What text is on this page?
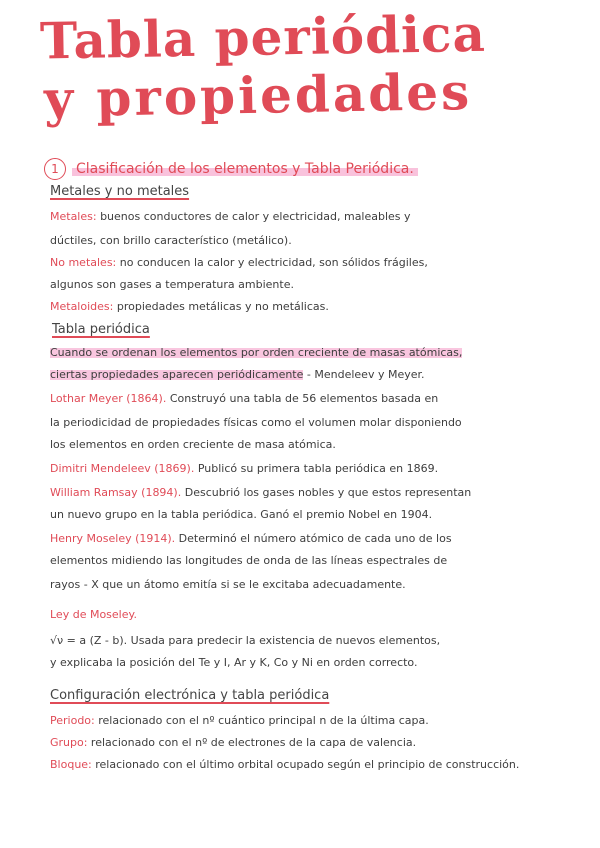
Tabla periódica
y propiedades
1	Clasificación de los elementos y Tabla Periódica.
Metales y no metales
Metales: buenos conductores de calor y electricidad, maleables y
dúctiles, con brillo característico (metálico).
No metales: no conducen la calor y electricidad, son sólidos frágiles,
algunos son gases a temperatura ambiente.
Metaloides: propiedades metálicas y no metálicas.
Tabla periódica
Cuando se ordenan los elementos por orden creciente de masas atómicas,
ciertas propiedades aparecen periódicamente - Mendeleev y Meyer.
Lothar Meyer (1864). Construyó una tabla de 56 elementos basada en
la periodicidad de propiedades físicas como el volumen molar disponiendo
los elementos en orden creciente de masa atómica.
Dimitri Mendeleev (1869). Publicó su primera tabla periódica en 1869.
William Ramsay (1894). Descubrió los gases nobles y que estos representan
un nuevo grupo en la tabla periódica. Ganó el premio Nobel en 1904.
Henry Moseley (1914). Determinó el número atómico de cada uno de los
elementos midiendo las longitudes de onda de las líneas espectrales de
rayos - X que un átomo emitía si se le excitaba adecuadamente.
Ley de Moseley.
√ν = a (Z - b). Usada para predecir la existencia de nuevos elementos,
y explicaba la posición del Te y I, Ar y K, Co y Ni en orden correcto.
Configuración electrónica y tabla periódica
Periodo: relacionado con el nº cuántico principal n de la última capa.
Grupo: relacionado con el nº de electrones de la capa de valencia.
Bloque: relacionado con el último orbital ocupado según el principio de construcción.
